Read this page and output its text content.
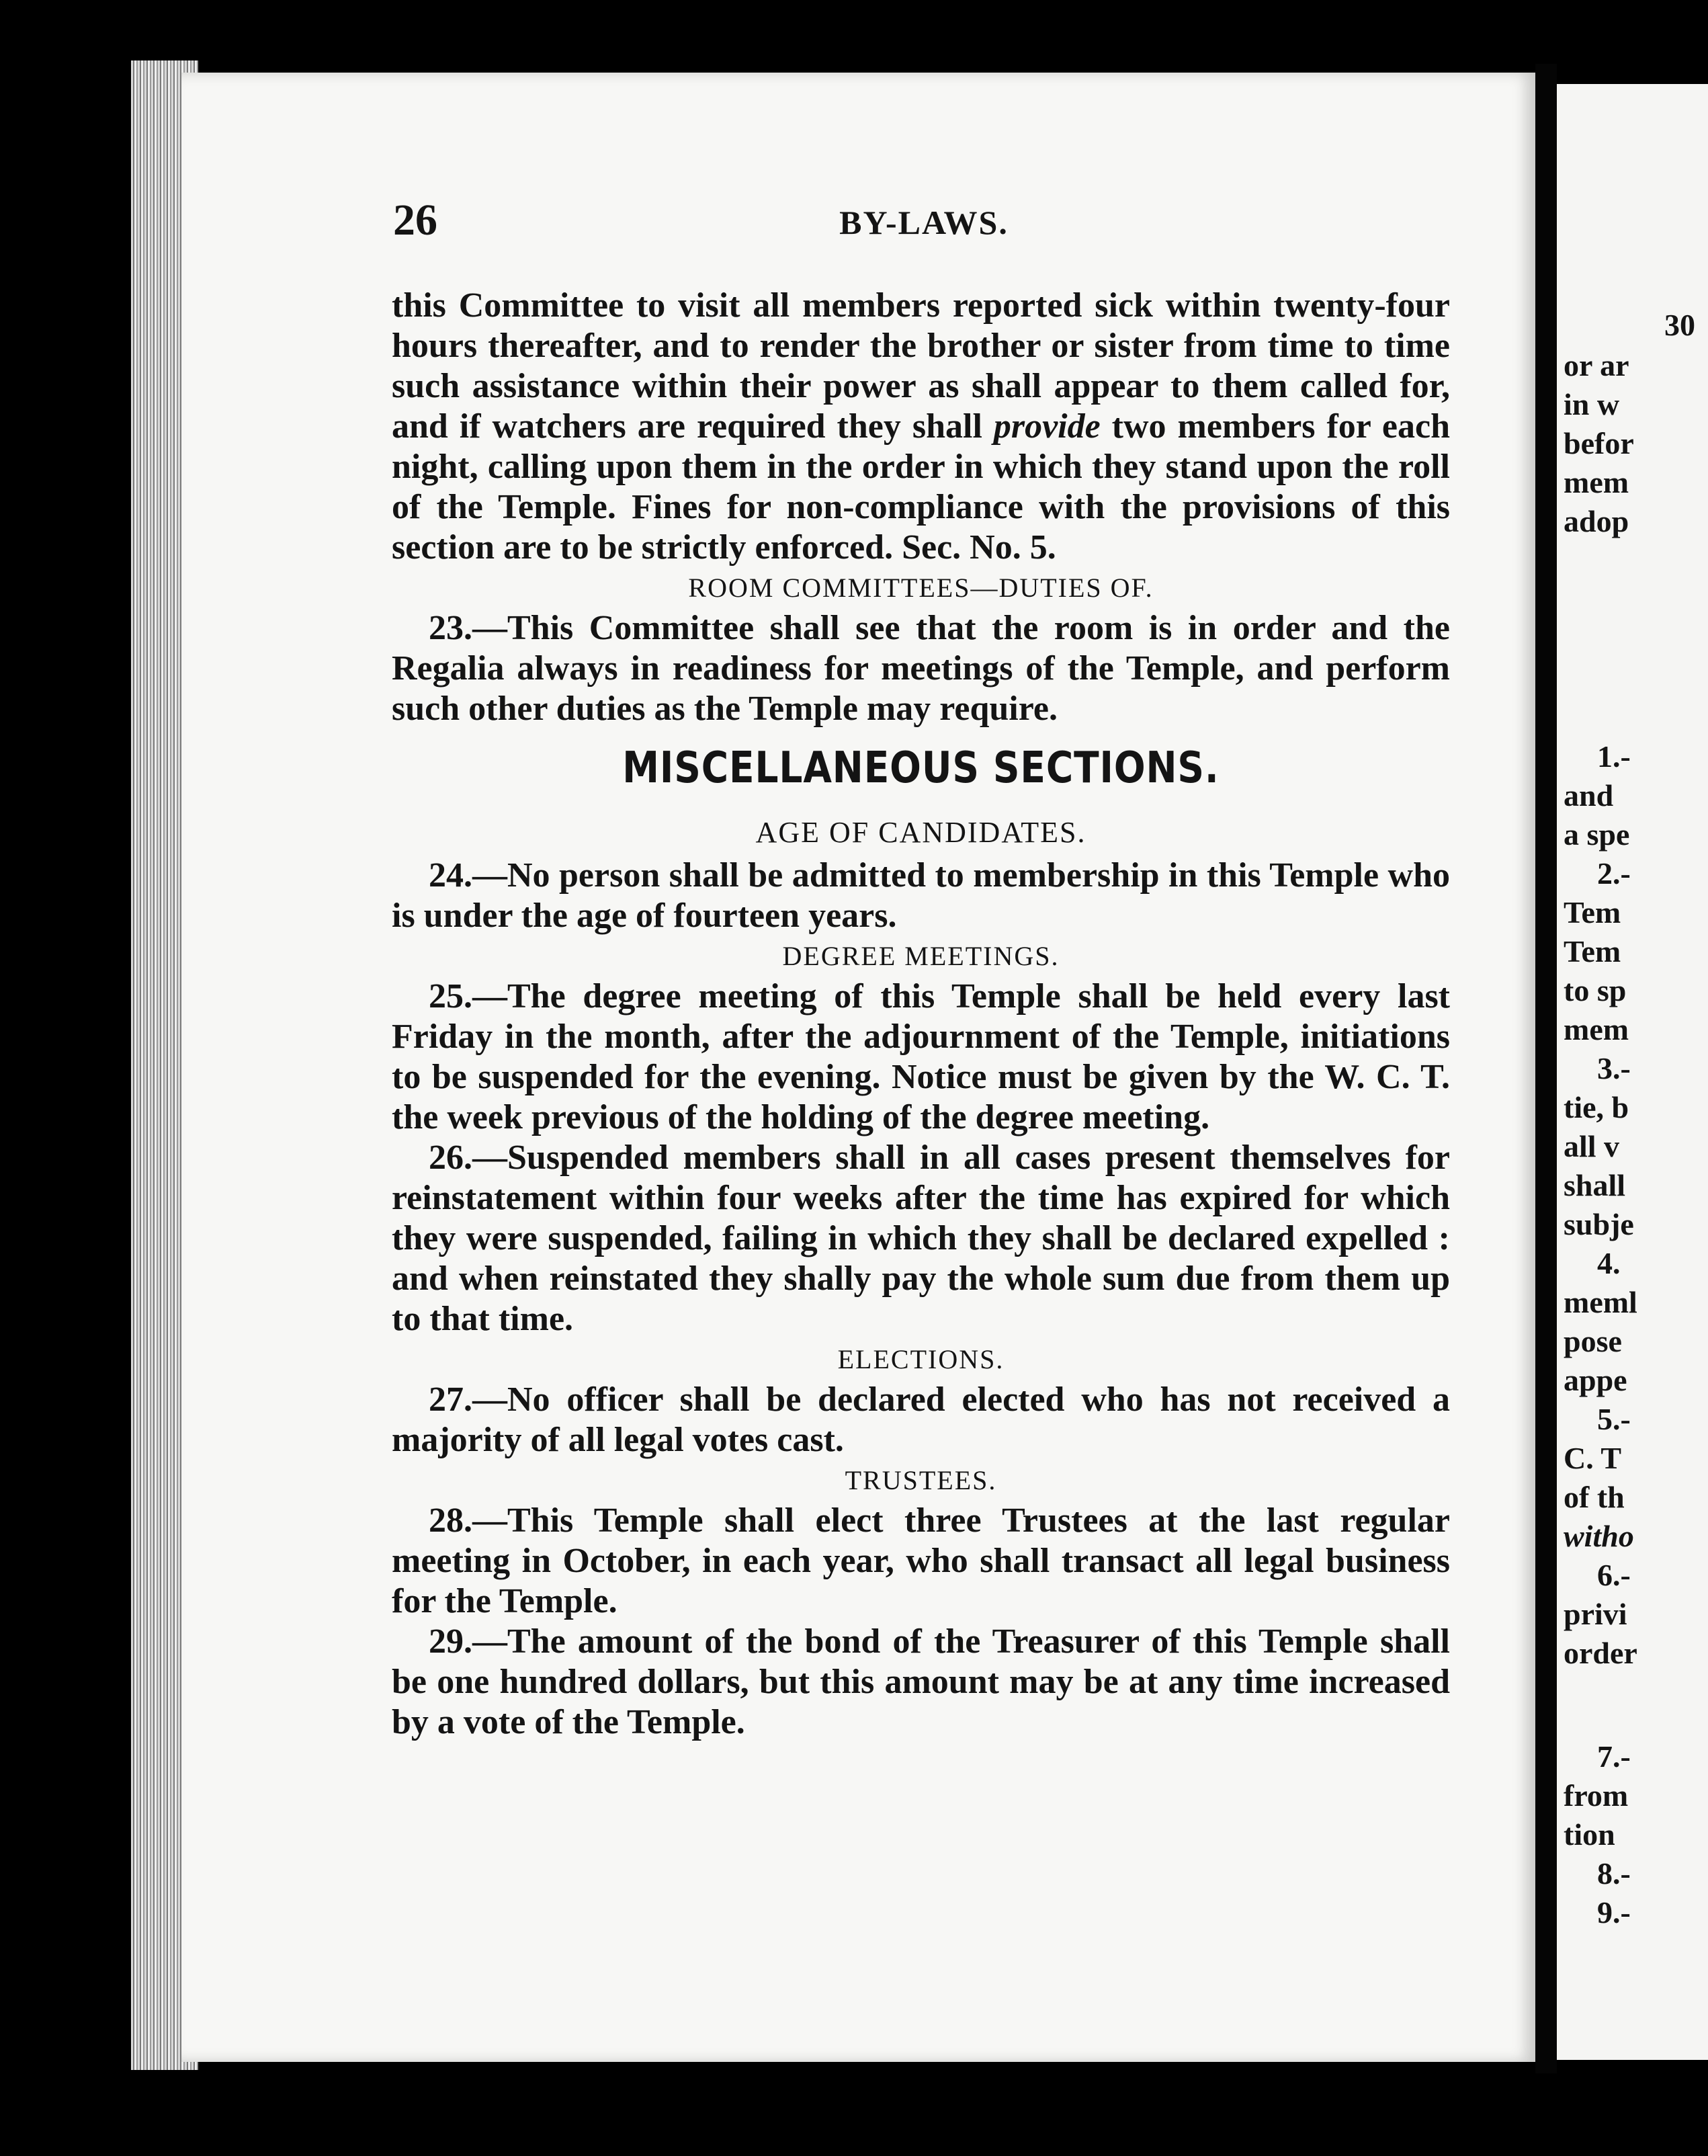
26	BY-LAWS.

this Committee to visit all members reported sick within twenty-four hours thereafter, and to render the brother or sister from time to time such assistance within their power as shall appear to them called for, and if watchers are required they shall provide two members for each night, calling upon them in the order in which they stand upon the roll of the Temple. Fines for non-compliance with the provisions of this section are to be strictly enforced. Sec. No. 5.

ROOM COMMITTEES—DUTIES OF.

23.—This Committee shall see that the room is in order and the Regalia always in readiness for meetings of the Temple, and perform such other duties as the Temple may require.

MISCELLANEOUS SECTIONS.
AGE OF CANDIDATES.

24.—No person shall be admitted to membership in this Temple who is under the age of fourteen years.

DEGREE MEETINGS.

25.—The degree meeting of this Temple shall be held every last Friday in the month, after the adjournment of the Temple, initiations to be suspended for the evening. Notice must be given by the W. C. T. the week previous of the holding of the degree meeting.

26.—Suspended members shall in all cases present themselves for reinstatement within four weeks after the time has expired for which they were suspended, failing in which they shall be declared expelled : and when reinstated they shally pay the whole sum due from them up to that time.

ELECTIONS.

27.—No officer shall be declared elected who has not received a majority of all legal votes cast.

TRUSTEES.

28.—This Temple shall elect three Trustees at the last regular meeting in October, in each year, who shall transact all legal business for the Temple.

29.—The amount of the bond of the Treasurer of this Temple shall be one hundred dollars, but this amount may be at any time increased by a vote of the Temple.

30
or ar
in w
befor
mem
adop
1.-
and
a spe
2.-
Tem
Tem
to sp
mem
3.-
tie, b
all v
shall
subje
4.
meml
pose
appe
5.-
C. T
of th
witho
6.-
privi
order
7.-
from
tion
8.-
9.-
